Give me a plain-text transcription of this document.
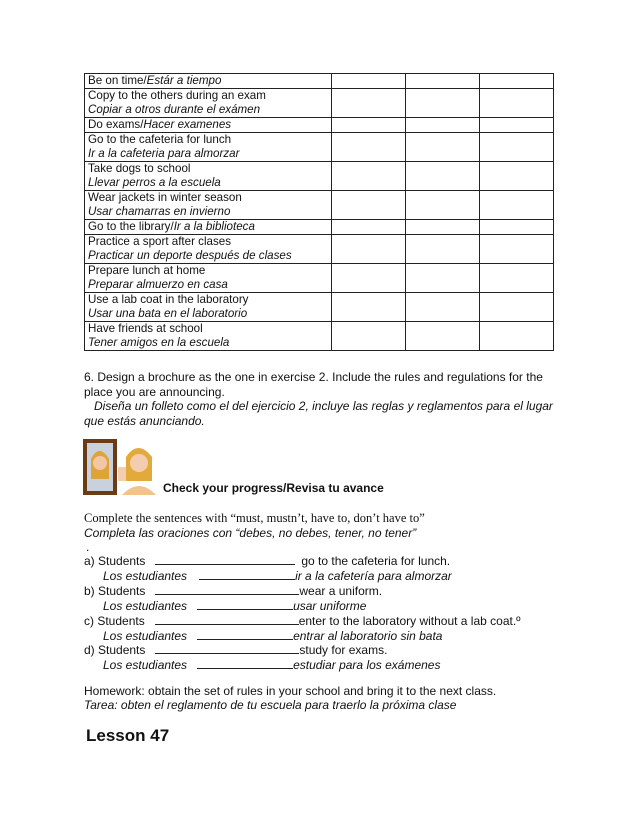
Be on time/Estár a tiempo			
Copy to the others during an exam
Copiar a otros durante el exámen			
Do exams/Hacer examenes			
Go to the cafeteria for lunch
Ir a la cafeteria para almorzar			
Take dogs to school
Llevar perros a la escuela			
Wear jackets in winter season
Usar chamarras en invierno			
Go to the library/Ir a la biblioteca			
Practice a sport after clases
Practicar un deporte después de clases			
Prepare lunch at home
Preparar almuerzo en casa			
Use a lab coat in the laboratory
Usar una bata en el laboratorio			
Have friends at school
Tener amigos en la escuela			
6. Design a brochure as the one in exercise 2. Include the rules and regulations for the place you are announcing.
Diseña un folleto como el del ejercicio 2, incluye las reglas y reglamentos para el lugar que estás anunciando.
Check your progress/Revisa tu avance
Complete the sentences with “must, mustn’t, have to, don’t have to”
Completa las oraciones con “debes, no debes, tener, no tener”
.
a) Students	go to the cafeteria for lunch.
Los estudiantes	ir a la cafetería para almorzar
b) Students	wear a uniform.
Los estudiantes	usar uniforme
c) Students	enter to the laboratory without a lab coat.º
Los estudiantes	entrar al laboratorio sin bata
d) Students	study for exams.
Los estudiantes	estudiar para los exámenes
Homework: obtain the set of rules in your school and bring it to the next class.
Tarea: obten el reglamento de tu escuela para traerlo la próxima clase
Lesson 47
